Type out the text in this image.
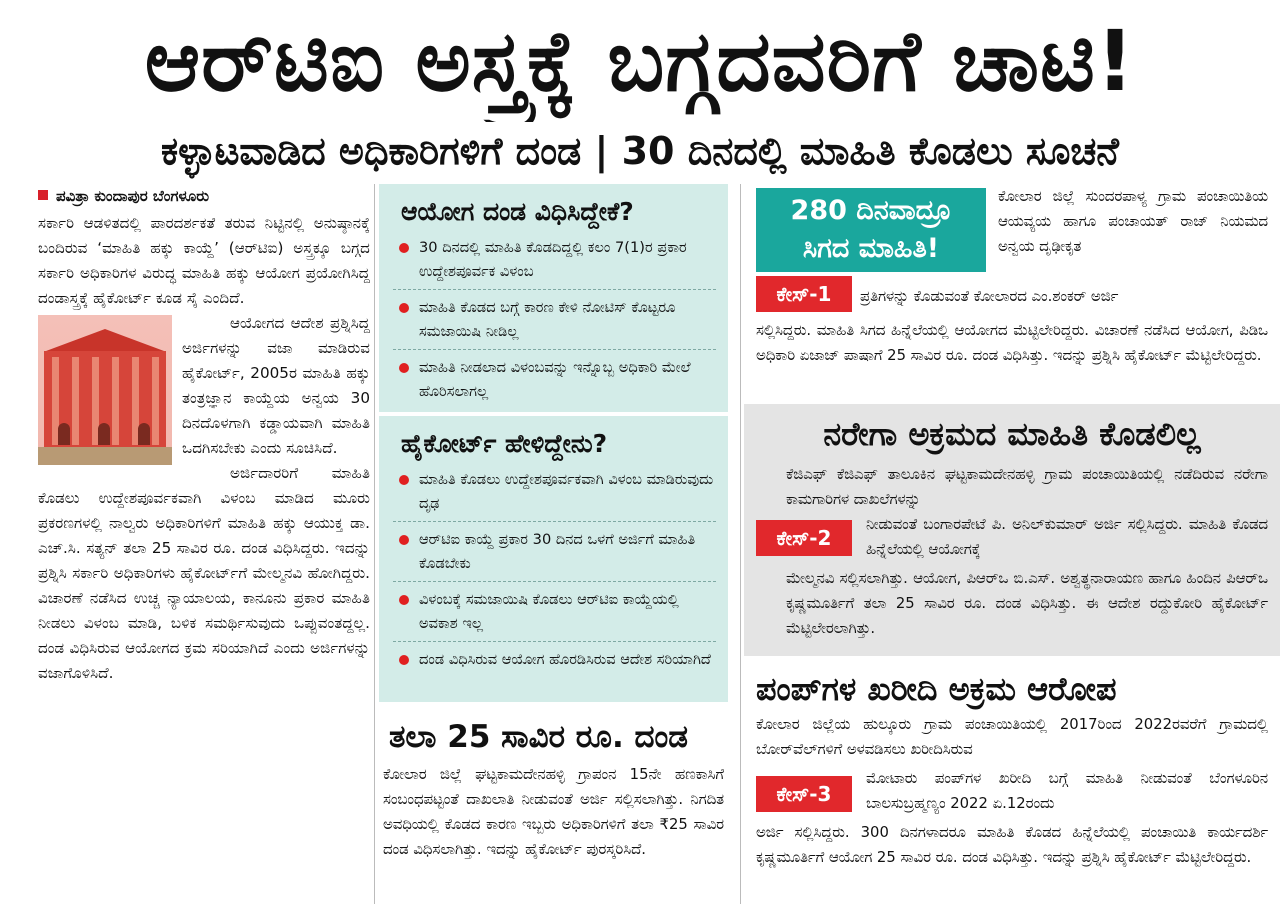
ಆರ್‌ಟಿಐ ಅಸ್ತ್ರಕ್ಕೆ ಬಗ್ಗದವರಿಗೆ ಚಾಟಿ!
ಕಳ್ಳಾಟವಾಡಿದ ಅಧಿಕಾರಿಗಳಿಗೆ ದಂಡ | 30 ದಿನದಲ್ಲಿ ಮಾಹಿತಿ ಕೊಡಲು ಸೂಚನೆ
ಪವಿತ್ರಾ ಕುಂದಾಪುರ ಬೆಂಗಳೂರು
ಸರ್ಕಾರಿ ಆಡಳಿತದಲ್ಲಿ ಪಾರದರ್ಶಕತೆ ತರುವ ನಿಟ್ಟಿನಲ್ಲಿ ಅನುಷ್ಠಾನಕ್ಕೆ ಬಂದಿರುವ ‘ಮಾಹಿತಿ ಹಕ್ಕು ಕಾಯ್ದೆ’ (ಆರ್‌ಟಿಐ) ಅಸ್ತ್ರಕ್ಕೂ ಬಗ್ಗದ ಸರ್ಕಾರಿ ಅಧಿಕಾರಿಗಳ ವಿರುದ್ಧ ಮಾಹಿತಿ ಹಕ್ಕು ಆಯೋಗ ಪ್ರಯೋಗಿಸಿದ್ದ ದಂಡಾಸ್ತ್ರಕ್ಕೆ ಹೈಕೋರ್ಟ್ ಕೂಡ ಸೈ ಎಂದಿದೆ.
ಆಯೋಗದ ಆದೇಶ ಪ್ರಶ್ನಿಸಿದ್ದ ಅರ್ಜಿಗಳನ್ನು ವಜಾ ಮಾಡಿರುವ ಹೈಕೋರ್ಟ್, 2005ರ ಮಾಹಿತಿ ಹಕ್ಕು ತಂತ್ರಜ್ಞಾನ ಕಾಯ್ದೆಯ ಅನ್ವಯ 30 ದಿನದೊಳಗಾಗಿ ಕಡ್ಡಾಯವಾಗಿ ಮಾಹಿತಿ ಒದಗಿಸಬೇಕು ಎಂದು ಸೂಚಿಸಿದೆ.
ಅರ್ಜಿದಾರರಿಗೆ ಮಾಹಿತಿ ಕೊಡಲು ಉದ್ದೇಶಪೂರ್ವಕವಾಗಿ ವಿಳಂಬ ಮಾಡಿದ ಮೂರು ಪ್ರಕರಣಗಳಲ್ಲಿ ನಾಲ್ವರು ಅಧಿಕಾರಿಗಳಿಗೆ ಮಾಹಿತಿ ಹಕ್ಕು ಆಯುಕ್ತ ಡಾ. ಎಚ್.ಸಿ. ಸತ್ಯನ್ ತಲಾ 25 ಸಾವಿರ ರೂ. ದಂಡ ವಿಧಿಸಿದ್ದರು. ಇದನ್ನು ಪ್ರಶ್ನಿಸಿ ಸರ್ಕಾರಿ ಅಧಿಕಾರಿಗಳು ಹೈಕೋರ್ಟ್‌ಗೆ ಮೇಲ್ಮನವಿ ಹೋಗಿದ್ದರು. ವಿಚಾರಣೆ ನಡೆಸಿದ ಉಚ್ಚ ನ್ಯಾಯಾಲಯ, ಕಾನೂನು ಪ್ರಕಾರ ಮಾಹಿತಿ ನೀಡಲು ವಿಳಂಬ ಮಾಡಿ, ಬಳಿಕ ಸಮರ್ಥಿಸುವುದು ಒಪ್ಪುವಂತದ್ದಲ್ಲ. ದಂಡ ವಿಧಿಸಿರುವ ಆಯೋಗದ ಕ್ರಮ ಸರಿಯಾಗಿದೆ ಎಂದು ಅರ್ಜಿಗಳನ್ನು ವಜಾಗೊಳಿಸಿದೆ.
ಆಯೋಗ ದಂಡ ವಿಧಿಸಿದ್ದೇಕೆ?
30 ದಿನದಲ್ಲಿ ಮಾಹಿತಿ ಕೊಡದಿದ್ದಲ್ಲಿ ಕಲಂ 7(1)ರ ಪ್ರಕಾರ ಉದ್ದೇಶಪೂರ್ವಕ ವಿಳಂಬ
ಮಾಹಿತಿ ಕೊಡದ ಬಗ್ಗೆ ಕಾರಣ ಕೇಳಿ ನೋಟಿಸ್ ಕೊಟ್ಟರೂ ಸಮಜಾಯಿಷಿ ನೀಡಿಲ್ಲ
ಮಾಹಿತಿ ನೀಡಲಾದ ವಿಳಂಬವನ್ನು ಇನ್ನೊಬ್ಬ ಅಧಿಕಾರಿ ಮೇಲೆ ಹೊರಿಸಲಾಗಲ್ಲ
ಹೈಕೋರ್ಟ್ ಹೇಳಿದ್ದೇನು?
ಮಾಹಿತಿ ಕೊಡಲು ಉದ್ದೇಶಪೂರ್ವಕವಾಗಿ ವಿಳಂಬ ಮಾಡಿರುವುದು ದೃಢ
ಆರ್‌ಟಿಐ ಕಾಯ್ದೆ ಪ್ರಕಾರ 30 ದಿನದ ಒಳಗೆ ಅರ್ಜಿಗೆ ಮಾಹಿತಿ ಕೊಡಬೇಕು
ವಿಳಂಬಕ್ಕೆ ಸಮಜಾಯಿಷಿ ಕೊಡಲು ಆರ್‌ಟಿಐ ಕಾಯ್ದೆಯಲ್ಲಿ ಅವಕಾಶ ಇಲ್ಲ
ದಂಡ ವಿಧಿಸಿರುವ ಆಯೋಗ ಹೊರಡಿಸಿರುವ ಆದೇಶ ಸರಿಯಾಗಿದೆ
ತಲಾ 25 ಸಾವಿರ ರೂ. ದಂಡ
ಕೋಲಾರ ಜಿಲ್ಲೆ ಘಟ್ಟಕಾಮದೇನಹಳ್ಳಿ ಗ್ರಾಪಂನ 15ನೇ ಹಣಕಾಸಿಗೆ ಸಂಬಂಧಪಟ್ಟಂತೆ ದಾಖಲಾತಿ ನೀಡುವಂತೆ ಅರ್ಜಿ ಸಲ್ಲಿಸಲಾಗಿತ್ತು. ನಿಗದಿತ ಅವಧಿಯಲ್ಲಿ ಕೊಡದ ಕಾರಣ ಇಬ್ಬರು ಅಧಿಕಾರಿಗಳಿಗೆ ತಲಾ ₹25 ಸಾವಿರ ದಂಡ ವಿಧಿಸಲಾಗಿತ್ತು. ಇದನ್ನು ಹೈಕೋರ್ಟ್ ಪುರಸ್ಕರಿಸಿದೆ.
280 ದಿನವಾದ್ರೂ
ಸಿಗದ ಮಾಹಿತಿ!
ಕೋಲಾರ ಜಿಲ್ಲೆ ಸುಂದರಪಾಳ್ಯ ಗ್ರಾಮ ಪಂಚಾಯಿತಿಯ ಆಯವ್ಯಯ ಹಾಗೂ ಪಂಚಾಯತ್ ರಾಜ್ ನಿಯಮದ ಅನ್ವಯ ದೃಢೀಕೃತ
ಕೇಸ್-1	ಪ್ರತಿಗಳನ್ನು ಕೊಡುವಂತೆ ಕೋಲಾರದ ಎಂ.ಶಂಕರ್ ಅರ್ಜಿ
ಸಲ್ಲಿಸಿದ್ದರು. ಮಾಹಿತಿ ಸಿಗದ ಹಿನ್ನೆಲೆಯಲ್ಲಿ ಆಯೋಗದ ಮೆಟ್ಟಿಲೇರಿದ್ದರು. ವಿಚಾರಣೆ ನಡೆಸಿದ ಆಯೋಗ, ಪಿಡಿಒ ಅಧಿಕಾರಿ ಏಜಾಜ್ ಪಾಷಾಗೆ 25 ಸಾವಿರ ರೂ. ದಂಡ ವಿಧಿಸಿತ್ತು. ಇದನ್ನು ಪ್ರಶ್ನಿಸಿ ಹೈಕೋರ್ಟ್ ಮೆಟ್ಟಿಲೇರಿದ್ದರು.
ನರೇಗಾ ಅಕ್ರಮದ ಮಾಹಿತಿ ಕೊಡಲಿಲ್ಲ
ಕೆಜಿಎಫ್ ಕೆಜಿಎಫ್ ತಾಲೂಕಿನ ಘಟ್ಟಕಾಮದೇನಹಳ್ಳಿ ಗ್ರಾಮ ಪಂಚಾಯಿತಿಯಲ್ಲಿ ನಡೆದಿರುವ ನರೇಗಾ ಕಾಮಗಾರಿಗಳ ದಾಖಲೆಗಳನ್ನು
ಕೇಸ್-2
ನೀಡುವಂತೆ ಬಂಗಾರಪೇಟೆ ಪಿ. ಅನಿಲ್‌ಕುಮಾರ್ ಅರ್ಜಿ ಸಲ್ಲಿಸಿದ್ದರು. ಮಾಹಿತಿ ಕೊಡದ ಹಿನ್ನೆಲೆಯಲ್ಲಿ ಆಯೋಗಕ್ಕೆ
ಮೇಲ್ಮನವಿ ಸಲ್ಲಿಸಲಾಗಿತ್ತು. ಆಯೋಗ, ಪಿಆರ್‌ಒ ಬಿ.ಎಸ್. ಅಶ್ವತ್ಥನಾರಾಯಣ ಹಾಗೂ ಹಿಂದಿನ ಪಿಆರ್‌ಒ ಕೃಷ್ಣಮೂರ್ತಿಗೆ ತಲಾ 25 ಸಾವಿರ ರೂ. ದಂಡ ವಿಧಿಸಿತ್ತು. ಈ ಆದೇಶ ರದ್ದುಕೋರಿ ಹೈಕೋರ್ಟ್ ಮೆಟ್ಟಿಲೇರಲಾಗಿತ್ತು.
ಪಂಪ್‌ಗಳ ಖರೀದಿ ಅಕ್ರಮ ಆರೋಪ
ಕೋಲಾರ ಜಿಲ್ಲೆಯ ಹುಲ್ಕೂರು ಗ್ರಾಮ ಪಂಚಾಯಿತಿಯಲ್ಲಿ 2017ರಿಂದ 2022ರವರೆಗೆ ಗ್ರಾಮದಲ್ಲಿ ಬೋರ್‌ವೆಲ್‌ಗಳಿಗೆ ಅಳವಡಿಸಲು ಖರೀದಿಸಿರುವ
ಕೇಸ್-3
ಮೋಟಾರು ಪಂಪ್‌ಗಳ ಖರೀದಿ ಬಗ್ಗೆ ಮಾಹಿತಿ ನೀಡುವಂತೆ ಬೆಂಗಳೂರಿನ ಬಾಲಸುಬ್ರಹ್ಮಣ್ಯಂ 2022 ಏ.12ರಂದು
ಅರ್ಜಿ ಸಲ್ಲಿಸಿದ್ದರು. 300 ದಿನಗಳಾದರೂ ಮಾಹಿತಿ ಕೊಡದ ಹಿನ್ನೆಲೆಯಲ್ಲಿ ಪಂಚಾಯಿತಿ ಕಾರ್ಯದರ್ಶಿ ಕೃಷ್ಣಮೂರ್ತಿಗೆ ಆಯೋಗ 25 ಸಾವಿರ ರೂ. ದಂಡ ವಿಧಿಸಿತ್ತು. ಇದನ್ನು ಪ್ರಶ್ನಿಸಿ ಹೈಕೋರ್ಟ್ ಮೆಟ್ಟಿಲೇರಿದ್ದರು.
